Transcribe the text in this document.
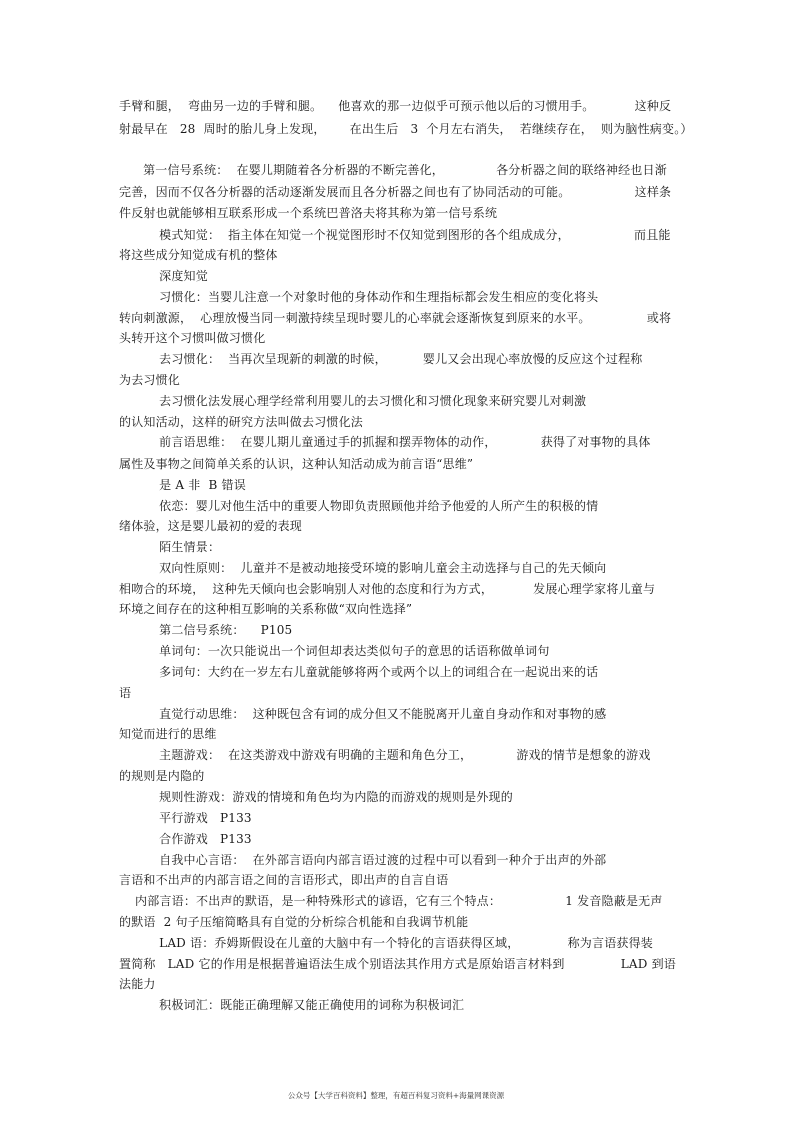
手臂和腿，  弯曲另一边的手臂和腿。    他喜欢的那一边似乎可预示他以后的习惯用手。          这种反
射最早在   28  周时的胎儿身上发现，      在出生后   3  个月左右消失，  若继续存在，  则为脑性病变。）
第一信号系统：  在婴儿期随着各分析器的不断完善化，             各分析器之间的联络神经也日渐
完善，因而不仅各分析器的活动逐渐发展而且各分析器之间也有了协同活动的可能。                这样条
件反射也就能够相互联系形成一个系统巴普洛夫将其称为第一信号系统
模式知觉：  指主体在知觉一个视觉图形时不仅知觉到图形的各个组成成分，                而且能
将这些成分知觉成有机的整体
深度知觉
习惯化：当婴儿注意一个对象时他的身体动作和生理指标都会发生相应的变化将头
转向刺激源，  心理放慢当同一刺激持续呈现时婴儿的心率就会逐渐恢复到原来的水平。              或将
头转开这个习惯叫做习惯化
去习惯化：  当再次呈现新的刺激的时候，         婴儿又会出现心率放慢的反应这个过程称
为去习惯化
去习惯化法发展心理学经常利用婴儿的去习惯化和习惯化现象来研究婴儿对刺激
的认知活动，这样的研究方法叫做去习惯化法
前言语思维：  在婴儿期儿童通过手的抓握和摆弄物体的动作，           获得了对事物的具体
属性及事物之间简单关系的认识，这种认知活动成为前言语“思维”
是 A 非  B 错误
依恋：婴儿对他生活中的重要人物即负责照顾他并给予他爱的人所产生的积极的情
绪体验，这是婴儿最初的爱的表现
陌生情景：
双向性原则：  儿童并不是被动地接受环境的影响儿童会主动选择与自己的先天倾向
相吻合的环境，  这种先天倾向也会影响别人对他的态度和行为方式，          发展心理学家将儿童与
环境之间存在的这种相互影响的关系称做“双向性选择”
第二信号系统：    P105
单词句：一次只能说出一个词但却表达类似句子的意思的话语称做单词句
多词句：大约在一岁左右儿童就能够将两个或两个以上的词组合在一起说出来的话
语
直觉行动思维：  这种既包含有词的成分但又不能脱离开儿童自身动作和对事物的感
知觉而进行的思维
主题游戏：  在这类游戏中游戏有明确的主题和角色分工，           游戏的情节是想象的游戏
的规则是内隐的
规则性游戏：游戏的情境和角色均为内隐的而游戏的规则是外现的
平行游戏   P133
合作游戏   P133
自我中心言语：  在外部言语向内部言语过渡的过程中可以看到一种介于出声的外部
言语和不出声的内部言语之间的言语形式，即出声的自言自语
内部言语：不出声的默语，是一种特殊形式的谚语，它有三个特点：                1 发音隐蔽是无声
的默语  2 句子压缩简略具有自觉的分析综合机能和自我调节机能
LAD 语：乔姆斯假设在儿童的大脑中有一个特化的言语获得区域，            称为言语获得装
置简称   LAD 它的作用是根据普遍语法生成个别语法其作用方式是原始语言材料到              LAD 到语
法能力
积极词汇：既能正确理解又能正确使用的词称为积极词汇
公众号【大学百科资料】整理，有超百科复习资料+海量网课资源
